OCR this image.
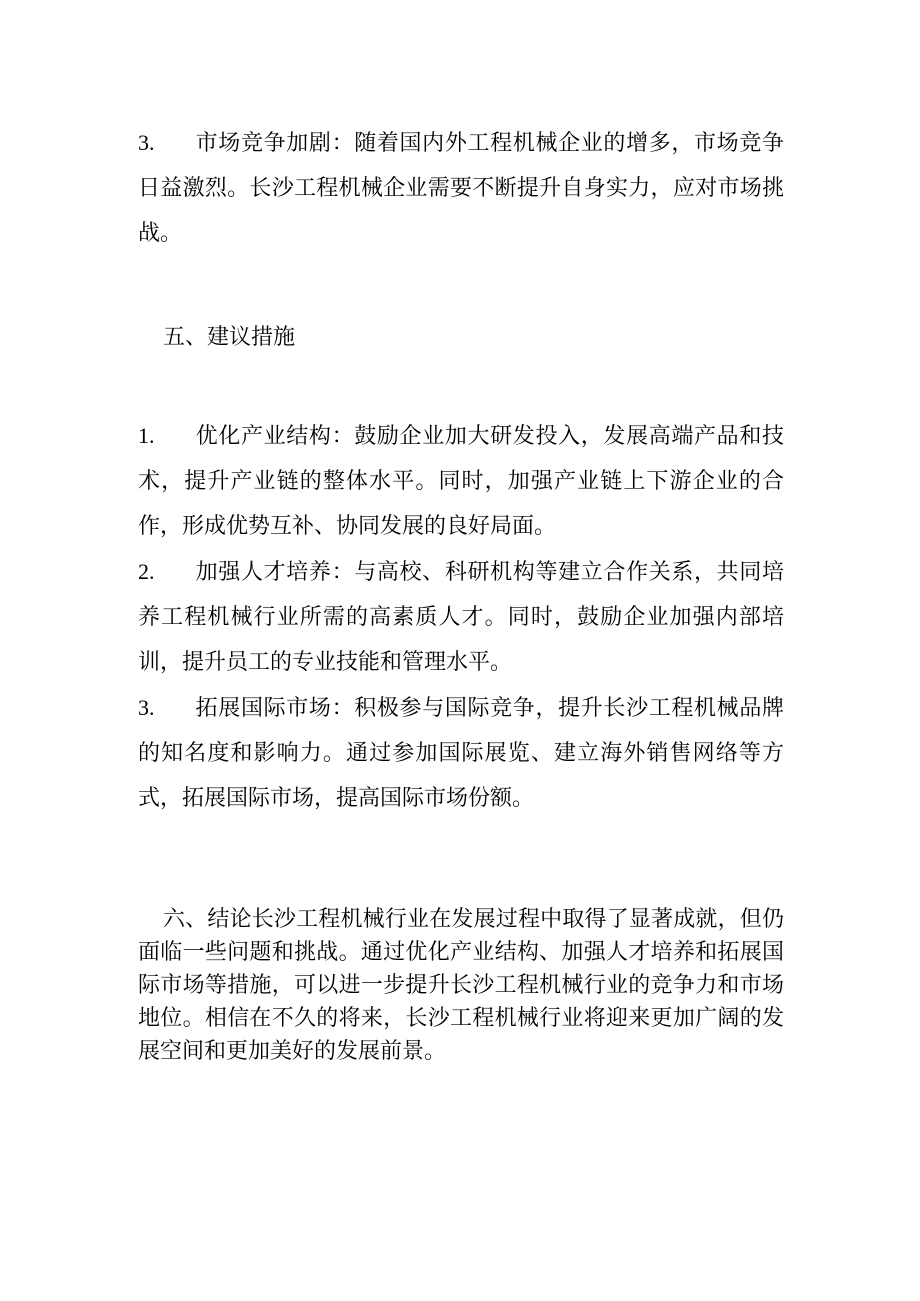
3. 市场竞争加剧：随着国内外工程机械企业的增多，市场竞争日益激烈。长沙工程机械企业需要不断提升自身实力，应对市场挑战。

五、建议措施

1. 优化产业结构：鼓励企业加大研发投入，发展高端产品和技术，提升产业链的整体水平。同时，加强产业链上下游企业的合作，形成优势互补、协同发展的良好局面。

2. 加强人才培养：与高校、科研机构等建立合作关系，共同培养工程机械行业所需的高素质人才。同时，鼓励企业加强内部培训，提升员工的专业技能和管理水平。

3. 拓展国际市场：积极参与国际竞争，提升长沙工程机械品牌的知名度和影响力。通过参加国际展览、建立海外销售网络等方式，拓展国际市场，提高国际市场份额。

六、结论长沙工程机械行业在发展过程中取得了显著成就，但仍面临一些问题和挑战。通过优化产业结构、加强人才培养和拓展国际市场等措施，可以进一步提升长沙工程机械行业的竞争力和市场地位。相信在不久的将来，长沙工程机械行业将迎来更加广阔的发展空间和更加美好的发展前景。
